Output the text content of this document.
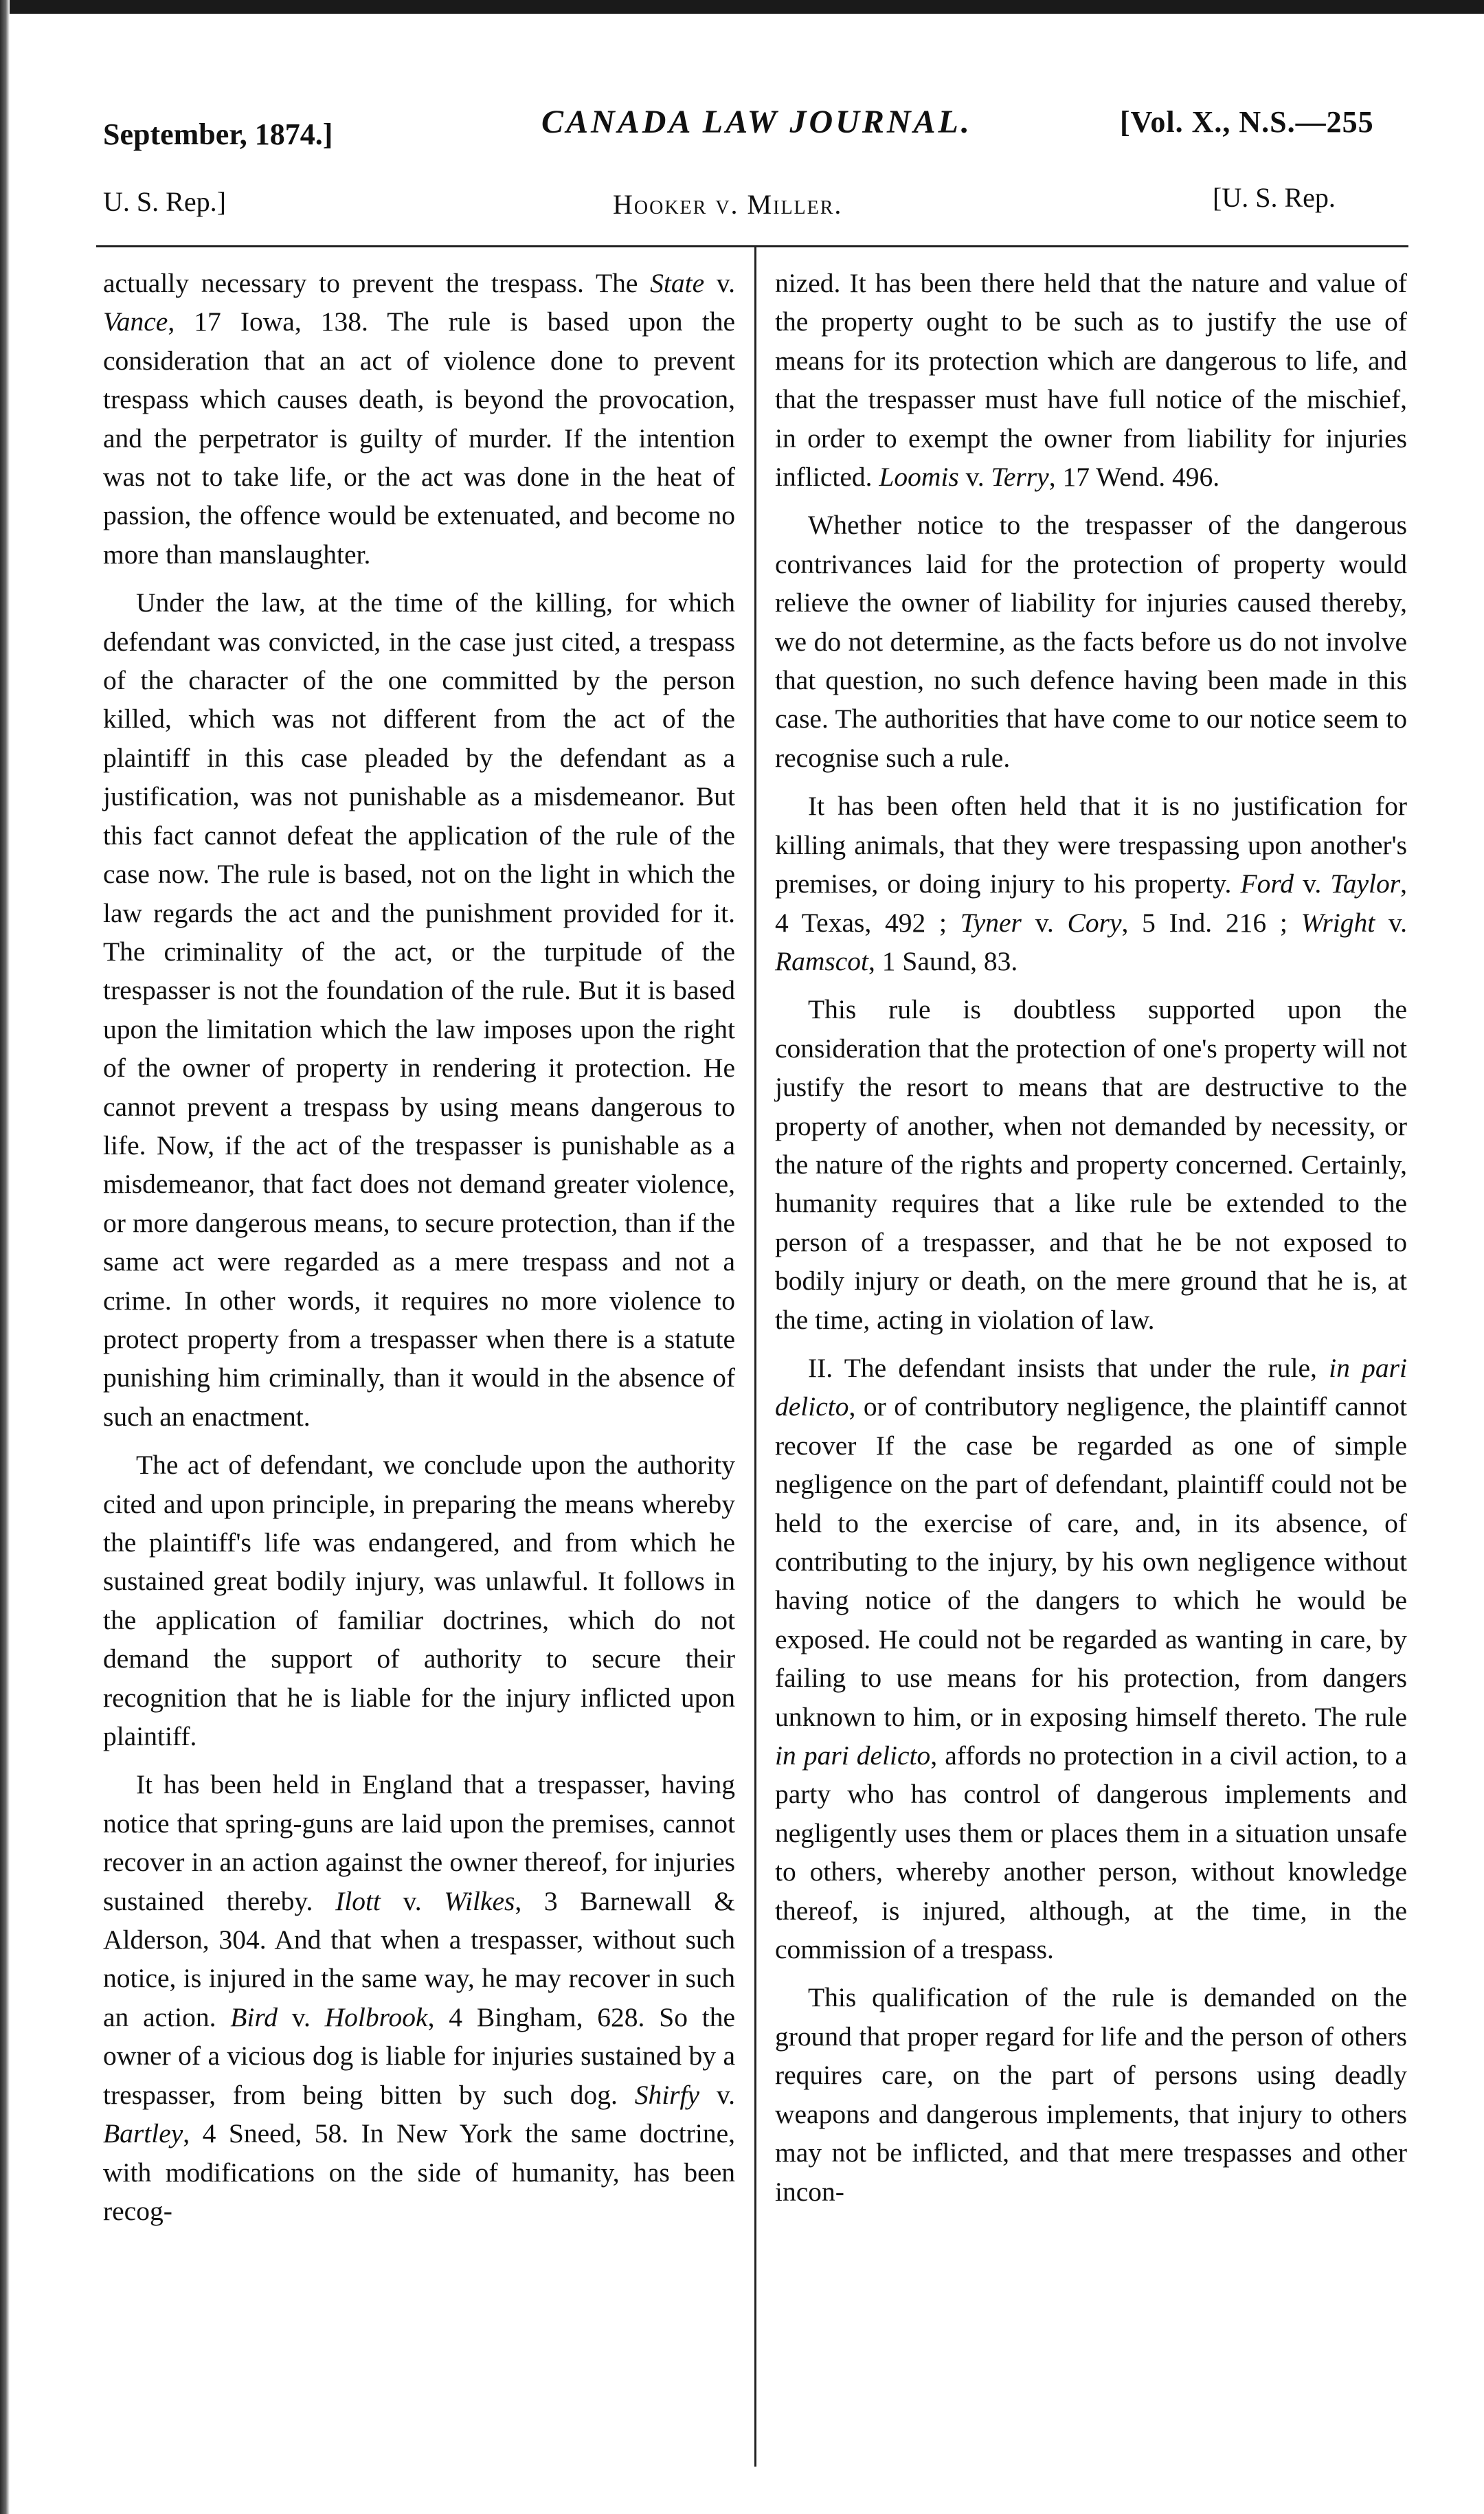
September, 1874.]	CANADA LAW JOURNAL.	[Vol. X., N.S.—255
U. S. Rep.]	Hooker v. Miller.	[U. S. Rep.

actually necessary to prevent the trespass. The State v. Vance, 17 Iowa, 138. The rule is based upon the consideration that an act of violence done to prevent trespass which causes death, is beyond the provocation, and the perpetrator is guilty of murder. If the intention was not to take life, or the act was done in the heat of passion, the offence would be extenuated, and become no more than manslaughter.

Under the law, at the time of the killing, for which defendant was convicted, in the case just cited, a trespass of the character of the one committed by the person killed, which was not different from the act of the plaintiff in this case pleaded by the defendant as a justification, was not punishable as a misdemeanor. But this fact cannot defeat the application of the rule of the case now. The rule is based, not on the light in which the law regards the act and the punishment provided for it. The criminality of the act, or the turpitude of the trespasser is not the foundation of the rule. But it is based upon the limitation which the law imposes upon the right of the owner of property in rendering it protection. He cannot prevent a trespass by using means dangerous to life. Now, if the act of the trespasser is punishable as a misdemeanor, that fact does not demand greater violence, or more dangerous means, to secure protection, than if the same act were regarded as a mere trespass and not a crime. In other words, it requires no more violence to protect property from a trespasser when there is a statute punishing him criminally, than it would in the absence of such an enactment.

The act of defendant, we conclude upon the authority cited and upon principle, in preparing the means whereby the plaintiff's life was endangered, and from which he sustained great bodily injury, was unlawful. It follows in the application of familiar doctrines, which do not demand the support of authority to secure their recognition that he is liable for the injury inflicted upon plaintiff.

It has been held in England that a trespasser, having notice that spring-guns are laid upon the premises, cannot recover in an action against the owner thereof, for injuries sustained thereby. Ilott v. Wilkes, 3 Barnewall & Alderson, 304. And that when a trespasser, without such notice, is injured in the same way, he may recover in such an action. Bird v. Holbrook, 4 Bingham, 628. So the owner of a vicious dog is liable for injuries sustained by a trespasser, from being bitten by such dog. Shirfy v. Bartley, 4 Sneed, 58. In New York the same doctrine, with modifications on the side of humanity, has been recog-

nized. It has been there held that the nature and value of the property ought to be such as to justify the use of means for its protection which are dangerous to life, and that the trespasser must have full notice of the mischief, in order to exempt the owner from liability for injuries inflicted. Loomis v. Terry, 17 Wend. 496.

Whether notice to the trespasser of the dangerous contrivances laid for the protection of property would relieve the owner of liability for injuries caused thereby, we do not determine, as the facts before us do not involve that question, no such defence having been made in this case. The authorities that have come to our notice seem to recognise such a rule.

It has been often held that it is no justification for killing animals, that they were trespassing upon another's premises, or doing injury to his property. Ford v. Taylor, 4 Texas, 492 ; Tyner v. Cory, 5 Ind. 216 ; Wright v. Ramscot, 1 Saund, 83.

This rule is doubtless supported upon the consideration that the protection of one's property will not justify the resort to means that are destructive to the property of another, when not demanded by necessity, or the nature of the rights and property concerned. Certainly, humanity requires that a like rule be extended to the person of a trespasser, and that he be not exposed to bodily injury or death, on the mere ground that he is, at the time, acting in violation of law.

II. The defendant insists that under the rule, in pari delicto, or of contributory negligence, the plaintiff cannot recover If the case be regarded as one of simple negligence on the part of defendant, plaintiff could not be held to the exercise of care, and, in its absence, of contributing to the injury, by his own negligence without having notice of the dangers to which he would be exposed. He could not be regarded as wanting in care, by failing to use means for his protection, from dangers unknown to him, or in exposing himself thereto. The rule in pari delicto, affords no protection in a civil action, to a party who has control of dangerous implements and negligently uses them or places them in a situation unsafe to others, whereby another person, without knowledge thereof, is injured, although, at the time, in the commission of a trespass.

This qualification of the rule is demanded on the ground that proper regard for life and the person of others requires care, on the part of persons using deadly weapons and dangerous implements, that injury to others may not be inflicted, and that mere trespasses and other incon-
